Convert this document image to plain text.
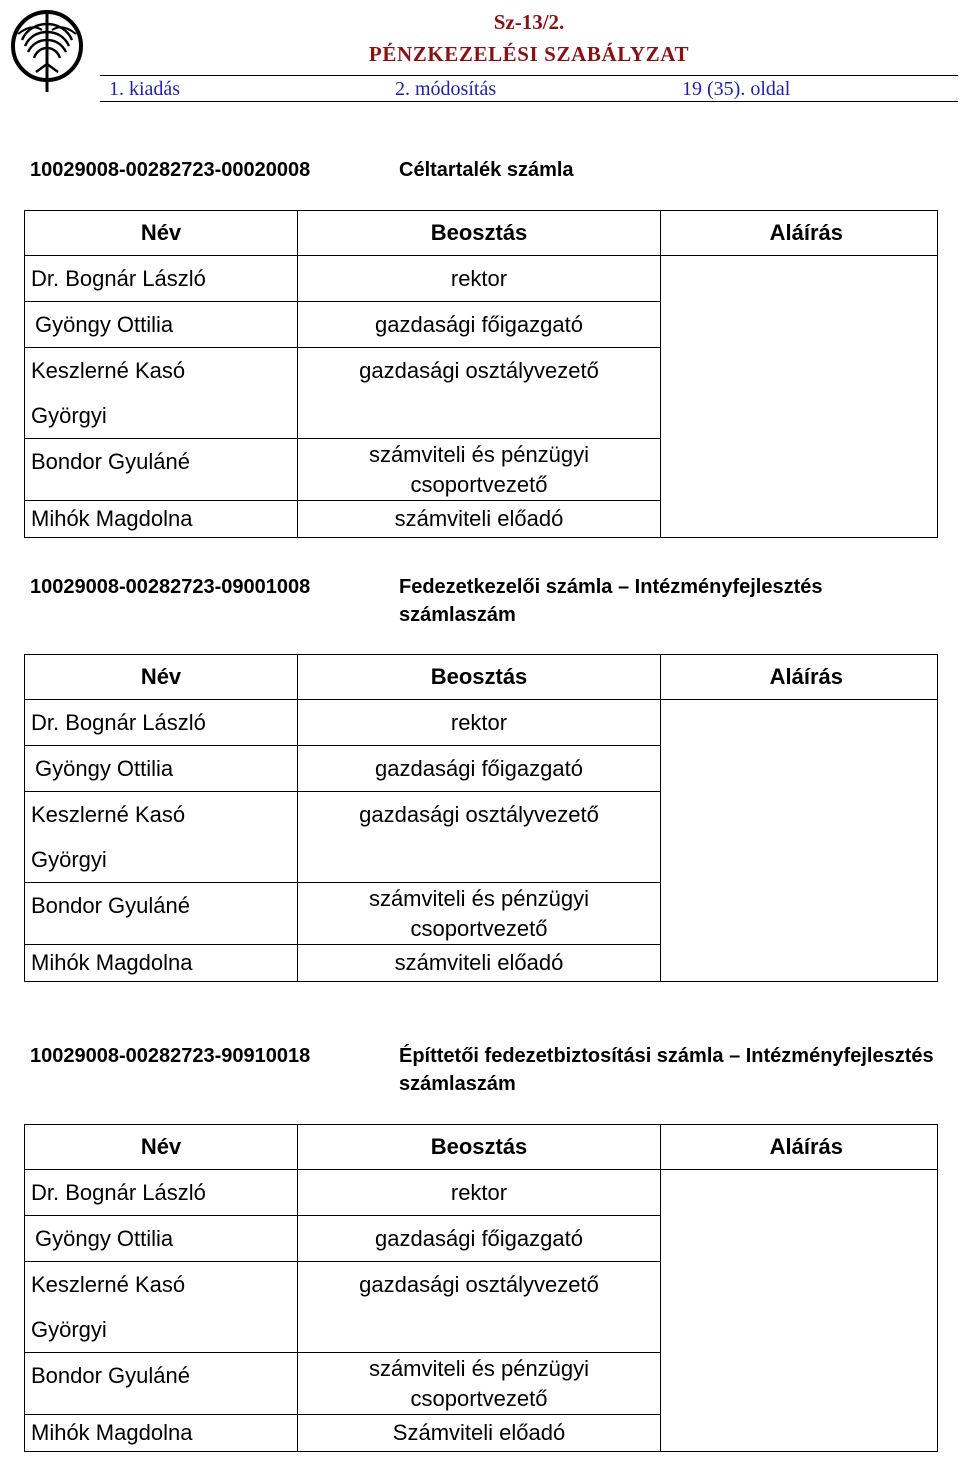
Sz-13/2.
PÉNZKEZELÉSI SZABÁLYZAT
1. kiadás	2. módosítás	19 (35). oldal
10029008-00282723-00020008	Céltartalék számla
Név	Beosztás	Aláírás

Dr. Bognár László	rektor	

Gyöngy Ottilia	gazdasági főigazgató	

Keszlerné Kasó
Györgyi	gazdasági osztályvezető	

Bondor Gyuláné	számviteli és pénzügyi
csoportvezető	

Mihók Magdolna	számviteli előadó	
10029008-00282723-09001008	Fedezetkezelői számla – Intézményfejlesztés számlaszám
Név	Beosztás	Aláírás

Dr. Bognár László	rektor	

Gyöngy Ottilia	gazdasági főigazgató	

Keszlerné Kasó
Györgyi	gazdasági osztályvezető	

Bondor Gyuláné	számviteli és pénzügyi
csoportvezető	

Mihók Magdolna	számviteli előadó	
10029008-00282723-90910018	Építtetői fedezetbiztosítási számla – Intézményfejlesztés számlaszám
Név	Beosztás	Aláírás

Dr. Bognár László	rektor	

Gyöngy Ottilia	gazdasági főigazgató	

Keszlerné Kasó
Györgyi	gazdasági osztályvezető	

Bondor Gyuláné	számviteli és pénzügyi
csoportvezető	

Mihók Magdolna	Számviteli előadó	
